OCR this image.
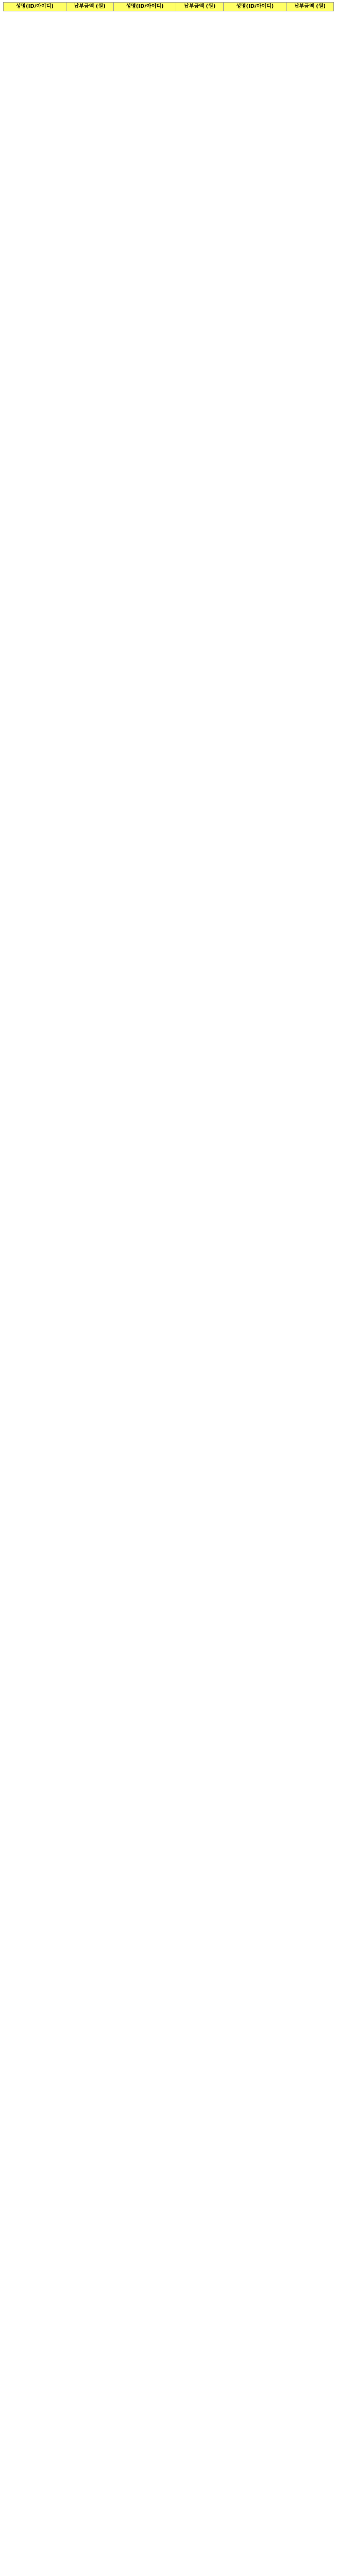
성명(ID/아이디)	납부금액 (원)	성명(ID/아이디)	납부금액 (원)	성명(ID/아이디)	납부금액 (원)
